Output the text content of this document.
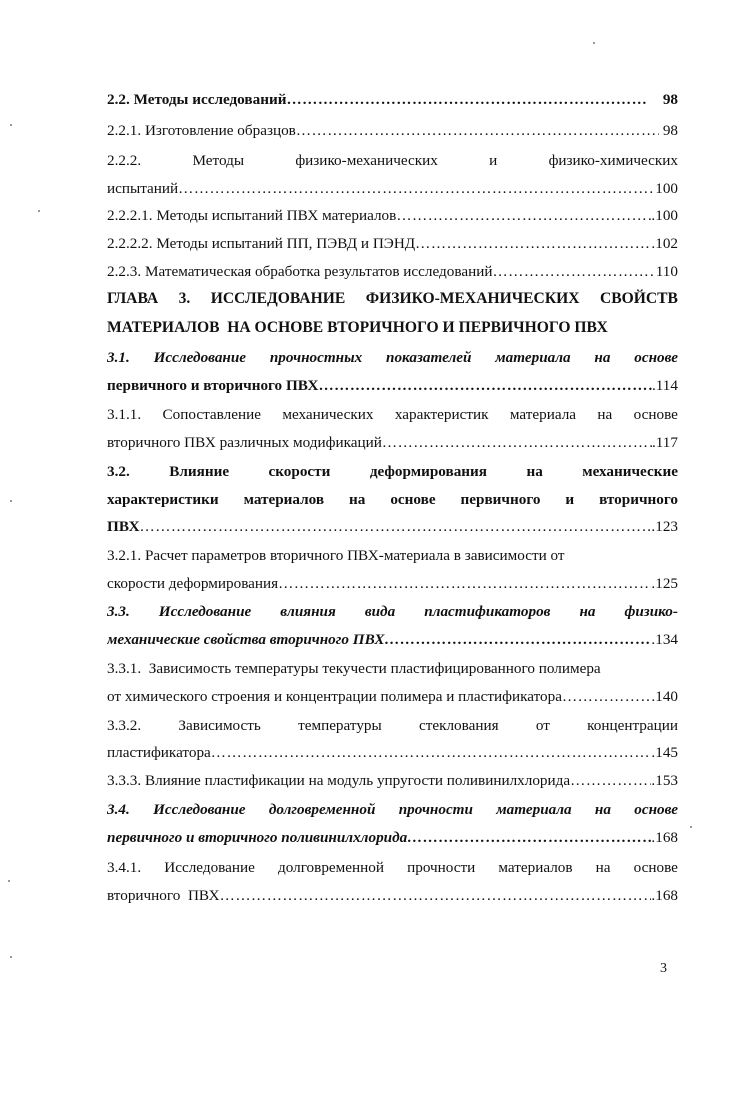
2.2. Методы исследований …………………………………………………………………………………………………………………………………………………………………………………………………………	98
2.2.1. Изготовление образцов …………………………………………………………………………………………………………………………………………………………………………………………………………	98
2.2.2.	Методы	физико-механических	и	физико-химических
испытаний …………………………………………………………………………………………………………………………………………………………………………………………………………	100
2.2.2.1. Методы испытаний ПВХ материалов …………………………………………………………………………………………………………………………………………………………………………………………………………	.100
2.2.2.2. Методы испытаний ПП, ПЭВД и ПЭНД …………………………………………………………………………………………………………………………………………………………………………………………………………	.102
2.2.3. Математическая обработка результатов исследований …………………………………………………………………………………………………………………………………………………………………………………………………………	110
ГЛАВА 3. ИССЛЕДОВАНИЕ ФИЗИКО-МЕХАНИЧЕСКИХ СВОЙСТВ
МАТЕРИАЛОВ  НА ОСНОВЕ ВТОРИЧНОГО И ПЕРВИЧНОГО ПВХ
3.1. Исследование прочностных показателей материала на основе
первичного и вторичного ПВХ …………………………………………………………………………………………………………………………………………………………………………………………………………	.114
3.1.1. Сопоставление механических характеристик материала на основе
вторичного ПВХ различных модификаций …………………………………………………………………………………………………………………………………………………………………………………………………………	.117
3.2.	Влияние	скорости	деформирования	на	механические
характеристики материалов на основе первичного и вторичного
ПВХ …………………………………………………………………………………………………………………………………………………………………………………………………………	.123
3.2.1. Расчет параметров вторичного ПВХ-материала в зависимости от
скорости деформирования …………………………………………………………………………………………………………………………………………………………………………………………………………	.125
3.3. Исследование влияния вида пластификаторов на физико-
механические свойства вторичного ПВХ …………………………………………………………………………………………………………………………………………………………………………………………………………	.134
3.3.1.  Зависимость температуры текучести пластифицированного полимера
от химического строения и концентрации полимера и пластификатора …………………………………………………………………………………………………………………………………………………………………………………………………………	.140
3.3.2. Зависимость температуры стеклования от концентрации
пластификатора …………………………………………………………………………………………………………………………………………………………………………………………………………	.145
3.3.3. Влияние пластификации на модуль упругости поливинилхлорида …………………………………………………………………………………………………………………………………………………………………………………………………………	.153
3.4. Исследование долговременной прочности материала на основе
первичного и вторичного поливинилхлорида …………………………………………………………………………………………………………………………………………………………………………………………………………	.168
3.4.1. Исследование долговременной прочности материалов на основе
вторичного  ПВХ …………………………………………………………………………………………………………………………………………………………………………………………………………	.168
3
